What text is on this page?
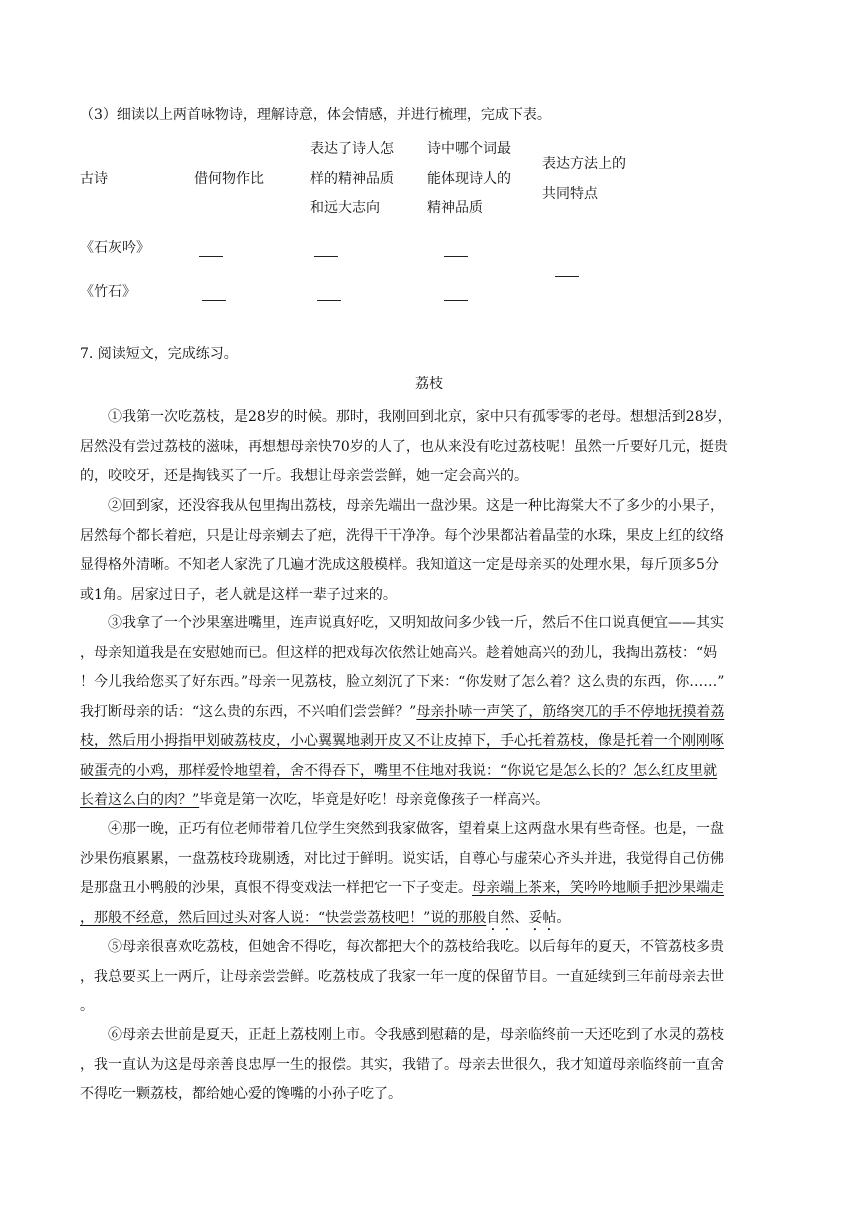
（3）细读以上两首咏物诗，理解诗意，体会情感，并进行梳理，完成下表。
古诗	借何物作比
表达了诗人怎
样的精神品质
和远大志向
诗中哪个词最
能体现诗人的
精神品质
表达方法上的
共同特点
《石灰吟》
《竹石》
7. 阅读短文，完成练习。
荔枝
①我第一次吃荔枝，是28岁的时候。那时，我刚回到北京，家中只有孤零零的老母。想想活到28岁，
居然没有尝过荔枝的滋味，再想想母亲快70岁的人了，也从来没有吃过荔枝呢！虽然一斤要好几元，挺贵
的，咬咬牙，还是掏钱买了一斤。我想让母亲尝尝鲜，她一定会高兴的。
②回到家，还没容我从包里掏出荔枝，母亲先端出一盘沙果。这是一种比海棠大不了多少的小果子，
居然每个都长着疤，只是让母亲剜去了疤，洗得干干净净。每个沙果都沾着晶莹的水珠，果皮上红的纹络
显得格外清晰。不知老人家洗了几遍才洗成这般模样。我知道这一定是母亲买的处理水果，每斤顶多5分
或1角。居家过日子，老人就是这样一辈子过来的。
③我拿了一个沙果塞进嘴里，连声说真好吃，又明知故问多少钱一斤，然后不住口说真便宜——其实
，母亲知道我是在安慰她而已。但这样的把戏每次依然让她高兴。趁着她高兴的劲儿，我掏出荔枝：“妈
！今儿我给您买了好东西。”母亲一见荔枝，脸立刻沉了下来：“你发财了怎么着？这么贵的东西，你……”
我打断母亲的话：“这么贵的东西，不兴咱们尝尝鲜？”母亲扑哧一声笑了，筋络突兀的手不停地抚摸着荔
枝，然后用小拇指甲划破荔枝皮，小心翼翼地剥开皮又不让皮掉下，手心托着荔枝，像是托着一个刚刚啄
破蛋壳的小鸡，那样爱怜地望着，舍不得吞下，嘴里不住地对我说：“你说它是怎么长的？怎么红皮里就
长着这么白的肉？”毕竟是第一次吃，毕竟是好吃！母亲竟像孩子一样高兴。
④那一晚，正巧有位老师带着几位学生突然到我家做客，望着桌上这两盘水果有些奇怪。也是，一盘
沙果伤痕累累，一盘荔枝玲珑剔透，对比过于鲜明。说实话，自尊心与虚荣心齐头并进，我觉得自己仿佛
是那盘丑小鸭般的沙果，真恨不得变戏法一样把它一下子变走。母亲端上茶来，笑吟吟地顺手把沙果端走
，那般不经意，然后回过头对客人说：“快尝尝荔枝吧！”说的那般自然、妥帖。
⑤母亲很喜欢吃荔枝，但她舍不得吃，每次都把大个的荔枝给我吃。以后每年的夏天，不管荔枝多贵
，我总要买上一两斤，让母亲尝尝鲜。吃荔枝成了我家一年一度的保留节目。一直延续到三年前母亲去世
。
⑥母亲去世前是夏天，正赶上荔枝刚上市。令我感到慰藉的是，母亲临终前一天还吃到了水灵的荔枝
，我一直认为这是母亲善良忠厚一生的报偿。其实，我错了。母亲去世很久，我才知道母亲临终前一直舍
不得吃一颗荔枝，都给她心爱的馋嘴的小孙子吃了。
